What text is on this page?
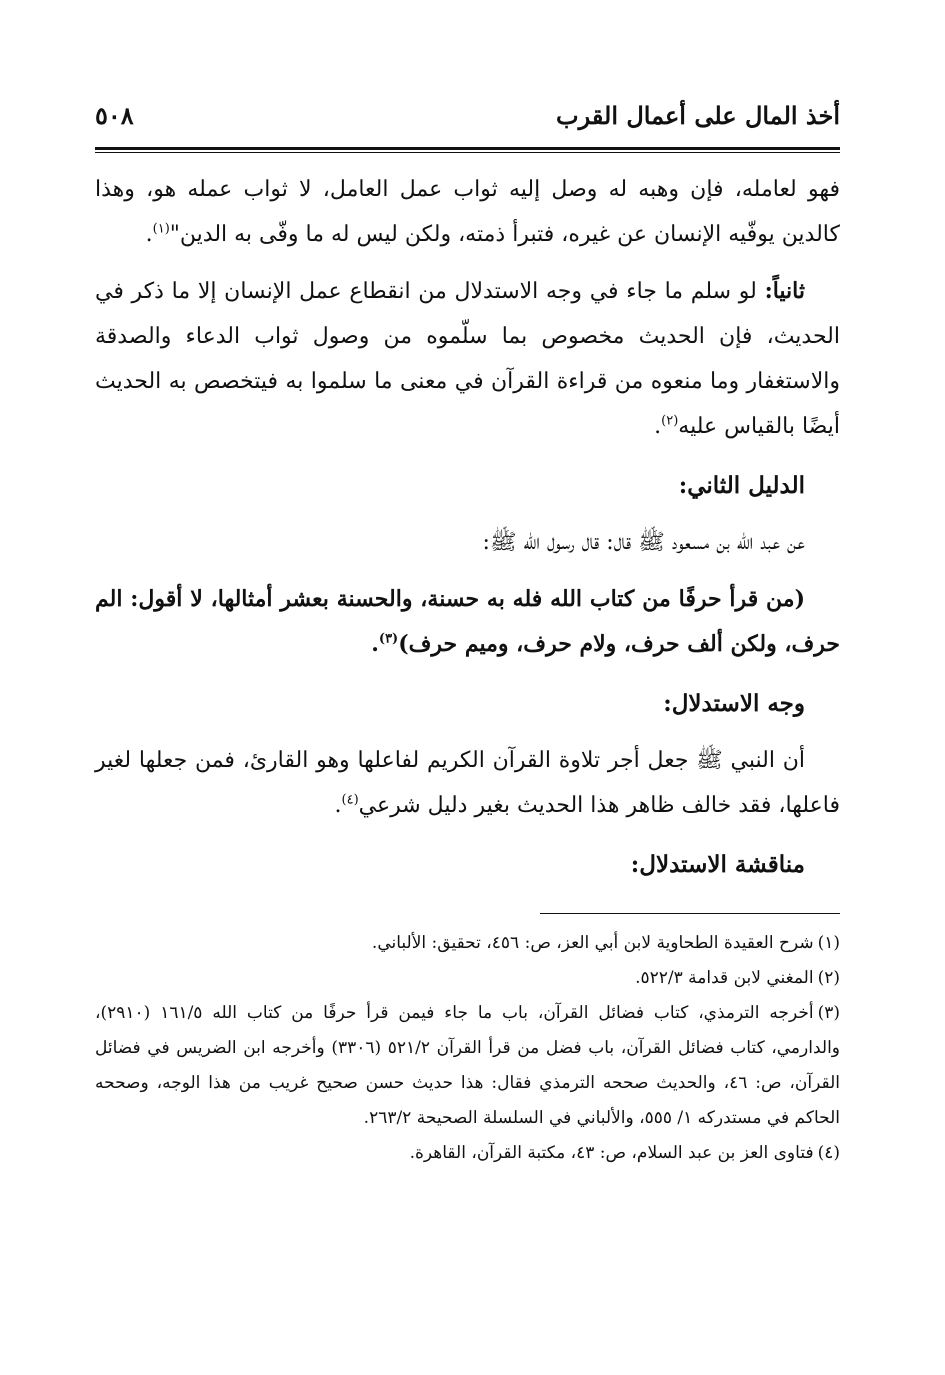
أخذ المال على أعمال القرب
٥٠٨

فهو لعامله، فإن وهبه له وصل إليه ثواب عمل العامل، لا ثواب عمله هو، وهذا كالدين يوفّيه الإنسان عن غيره، فتبرأ ذمته، ولكن ليس له ما وفّى به الدين"$^{(١)}$.

ثانياً: لو سلم ما جاء في وجه الاستدلال من انقطاع عمل الإنسان إلا ما ذكر في الحديث، فإن الحديث مخصوص بما سلّموه من وصول ثواب الدعاء والصدقة والاستغفار وما منعوه من قراءة القرآن في معنى ما سلموا به فيتخصص به الحديث أيضًا بالقياس عليه$^{(٢)}$.

الدليل الثاني:

عن عبد الله بن مسعود ﷺ قال: قال رسول الله ﷺ:

(من قرأ حرفًا من كتاب الله فله به حسنة، والحسنة بعشر أمثالها، لا أقول: الم حرف، ولكن ألف حرف، ولام حرف، وميم حرف)$^{(٣)}$.

وجه الاستدلال:

أن النبي ﷺ جعل أجر تلاوة القرآن الكريم لفاعلها وهو القارئ، فمن جعلها لغير فاعلها، فقد خالف ظاهر هذا الحديث بغير دليل شرعي$^{(٤)}$.

مناقشة الاستدلال:

(١)شرح العقيدة الطحاوية لابن أبي العز، ص: ٤٥٦، تحقيق: الألباني.

(٢)المغني لابن قدامة ٥٢٢/٣.

(٣)أخرجه الترمذي، كتاب فضائل القرآن، باب ما جاء فيمن قرأ حرفًا من كتاب الله ١٦١/٥ (٢٩١٠)، والدارمي، كتاب فضائل القرآن، باب فضل من قرأ القرآن ٥٢١/٢ (٣٣٠٦) وأخرجه ابن الضريس في فضائل القرآن، ص: ٤٦، والحديث صححه الترمذي فقال: هذا حديث حسن صحيح غريب من هذا الوجه، وصححه الحاكم في مستدركه ١/ ٥٥٥، والألباني في السلسلة الصحيحة ٢٦٣/٢.

(٤)فتاوى العز بن عبد السلام، ص: ٤٣، مكتبة القرآن، القاهرة.
